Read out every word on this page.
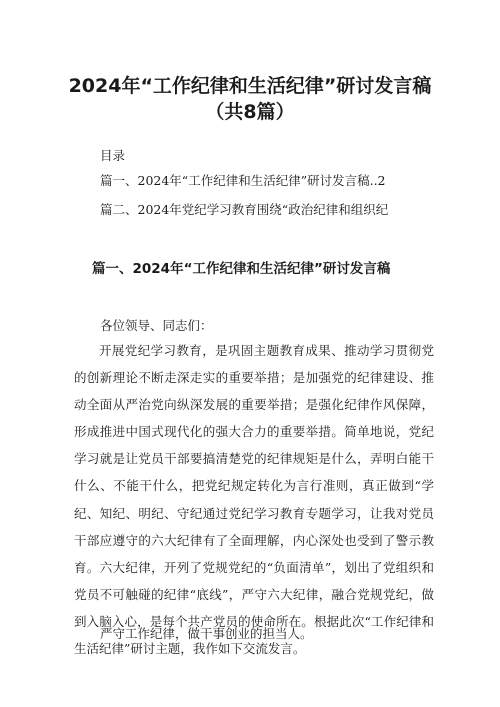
2024年“工作纪律和生活纪律”研讨发言稿
（共8篇）
目录
篇一、2024年“工作纪律和生活纪律”研讨发言稿..2
篇二、2024年党纪学习教育围绕“政治纪律和组织纪
篇一、2024年“工作纪律和生活纪律”研讨发言稿
各位领导、同志们：

开展党纪学习教育，是巩固主题教育成果、推动学习贯彻党的创新理论不断走深走实的重要举措；是加强党的纪律建设、推动全面从严治党向纵深发展的重要举措；是强化纪律作风保障，形成推进中国式现代化的强大合力的重要举措。简单地说，党纪学习就是让党员干部要搞清楚党的纪律规矩是什么，弄明白能干什么、不能干什么，把党纪规定转化为言行准则，真正做到“学纪、知纪、明纪、守纪通过党纪学习教育专题学习，让我对党员干部应遵守的六大纪律有了全面理解，内心深处也受到了警示教育。六大纪律，开列了党规党纪的“负面清单”，划出了党组织和党员不可触碰的纪律“底线”，严守六大纪律，融合党规党纪，做到入脑入心，是每个共产党员的使命所在。根据此次“工作纪律和生活纪律”研讨主题，我作如下交流发言。

严守工作纪律，做干事创业的担当人。
